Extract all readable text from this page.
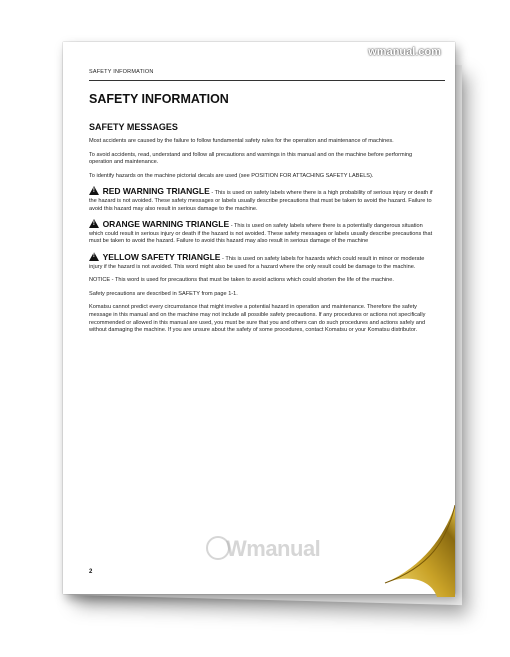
wmanual.com
SAFETY INFORMATION
SAFETY INFORMATION
SAFETY MESSAGES

Most accidents are caused by the failure to follow fundamental safety rules for the operation and maintenance of machines.

To avoid accidents, read, understand and follow all precautions and warnings in this manual and on the machine before performing operation and maintenance.

To identify hazards on the machine pictorial decals are used (see POSITION FOR ATTACHING SAFETY LABELS).

! RED WARNING TRIANGLE - This is used on safety labels where there is a high probability of serious injury or death if the hazard is not avoided. These safety messages or labels usually describe precautions that must be taken to avoid the hazard. Failure to avoid this hazard may also result in serious damage to the machine.

! ORANGE WARNING TRIANGLE - This is used on safety labels where there is a potentially dangerous situation which could result in serious injury or death if the hazard is not avoided. These safety messages or labels usually describe precautions that must be taken to avoid the hazard. Failure to avoid this hazard may also result in serious damage of the machine

! YELLOW SAFETY TRIANGLE - This is used on safety labels for hazards which could result in minor or moderate injury if the hazard is not avoided. This word might also be used for a hazard where the only result could be damage to the machine.

NOTICE - This word is used for precautions that must be taken to avoid actions which could shorten the life of the machine.

Safety precautions are described in SAFETY from page 1-1.

Komatsu cannot predict every circumstance that might involve a potential hazard in operation and maintenance. Therefore the safety message in this manual and on the machine may not include all possible safety precautions. If any procedures or actions not specifically recommended or allowed in this manual are used, you must be sure that you and others can do such procedures and actions safely and without damaging the machine. If you are unsure about the safety of some procedures, contact Komatsu or your Komatsu distributor.

Wmanual
2
